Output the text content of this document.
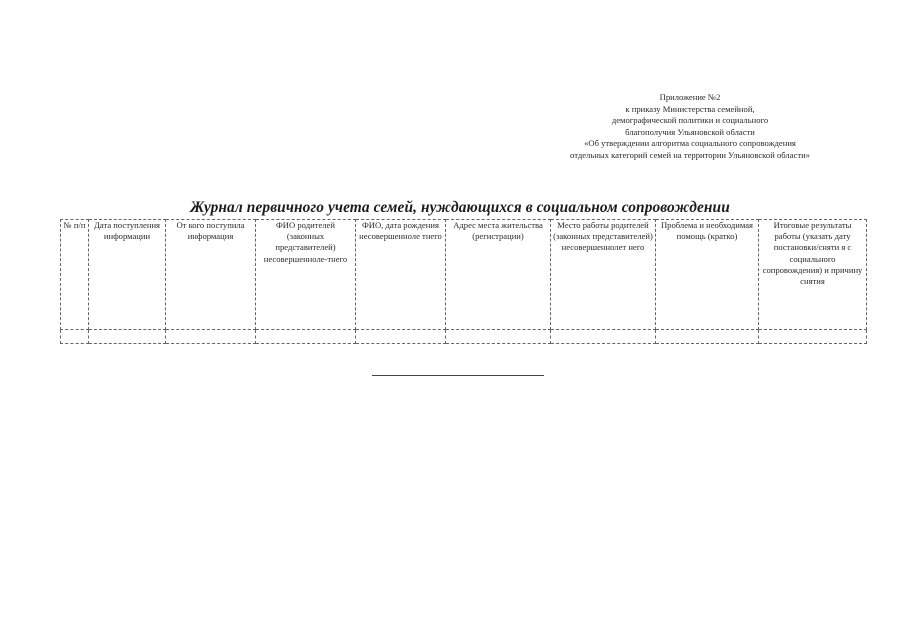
Приложение №2
к приказу Министерства семейной,
демографической политики и социального
благополучия Ульяновской области
«Об утверждении алгоритма социального сопровождения
отдельных категорий семей на территории Ульяновской области»
Журнал первичного учета семей, нуждающихся в социальном сопровождении
№ п/п	Дата поступления информации	От кого поступила информация	ФИО родителей (законных представителей) несовершенноле-тнего	ФИО, дата рождения несовершенноле тнего	Адрес места жительства (регистрации)	Место работы родителей (законных представителей) несовершеннолет него	Проблема и необходимая помощь (кратко)	Итоговые результаты работы (указать дату постановки/сняти я с социального сопровождения) и причину снятия
